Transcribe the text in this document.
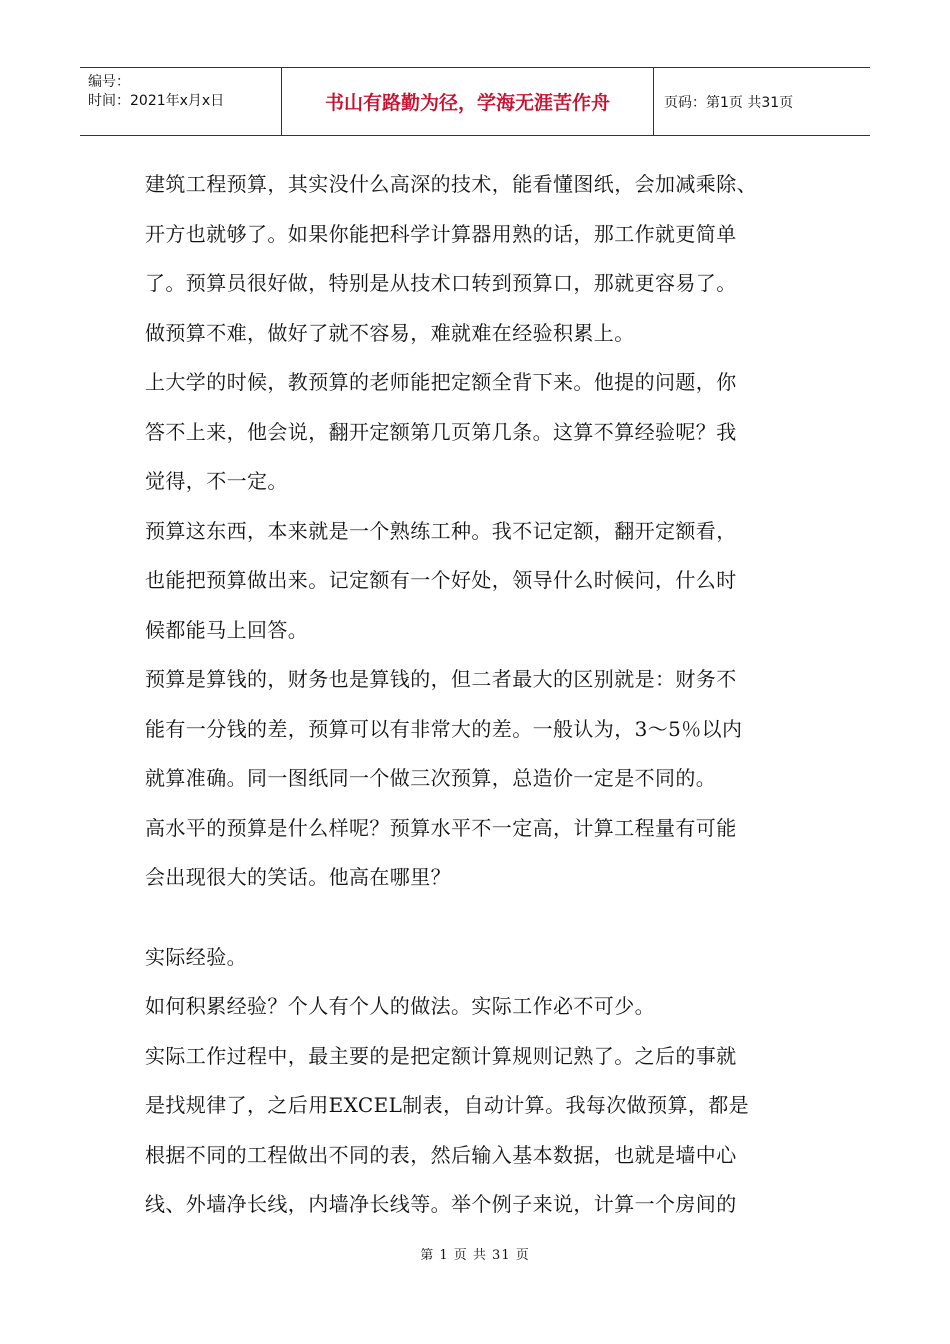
编号：
时间：2021年x月x日	书山有路勤为径，学海无涯苦作舟	页码：第1页 共31页
建筑工程预算，其实没什么高深的技术，能看懂图纸，会加减乘除、
开方也就够了。如果你能把科学计算器用熟的话，那工作就更简单
了。预算员很好做，特别是从技术口转到预算口，那就更容易了。
做预算不难，做好了就不容易，难就难在经验积累上。
上大学的时候，教预算的老师能把定额全背下来。他提的问题，你
答不上来，他会说，翻开定额第几页第几条。这算不算经验呢？我
觉得，不一定。
预算这东西，本来就是一个熟练工种。我不记定额，翻开定额看，
也能把预算做出来。记定额有一个好处，领导什么时候问，什么时
候都能马上回答。
预算是算钱的，财务也是算钱的，但二者最大的区别就是：财务不
能有一分钱的差，预算可以有非常大的差。一般认为，3～5％以内
就算准确。同一图纸同一个做三次预算，总造价一定是不同的。
高水平的预算是什么样呢？预算水平不一定高，计算工程量有可能
会出现很大的笑话。他高在哪里？
实际经验。
如何积累经验？个人有个人的做法。实际工作必不可少。
实际工作过程中，最主要的是把定额计算规则记熟了。之后的事就
是找规律了，之后用EXCEL制表，自动计算。我每次做预算，都是
根据不同的工程做出不同的表，然后输入基本数据，也就是墙中心
线、外墙净长线，内墙净长线等。举个例子来说，计算一个房间的
第 1 页 共 31 页
